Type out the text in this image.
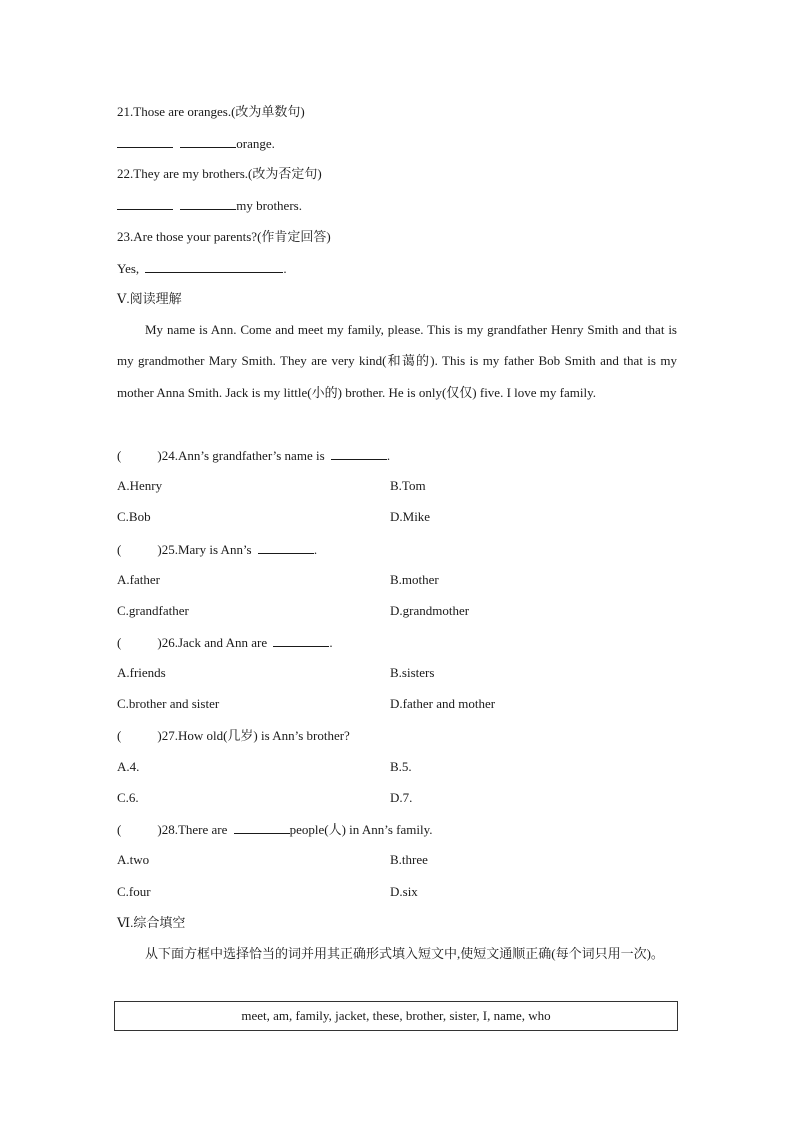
21.Those are oranges.(改为单数句)
orange.
22.They are my brothers.(改为否定句)
my brothers.
23.Are those your parents?(作肯定回答)
Yes,	.
Ⅴ.阅读理解
My name is Ann. Come and meet my family, please. This is my grandfather Henry Smith and that is my grandmother Mary Smith. They are very kind(和蔼的). This is my father Bob Smith and that is my mother Anna Smith. Jack is my little(小的) brother. He is only(仅仅) five. I love my family.
(	)24.Ann’s grandfather’s name is	.
A.Henry	B.Tom
C.Bob	D.Mike
(	)25.Mary is Ann’s	.
A.father	B.mother
C.grandfather	D.grandmother
(	)26.Jack and Ann are	.
A.friends	B.sisters
C.brother and sister	D.father and mother
(	)27.How old(几岁) is Ann’s brother?
A.4.	B.5.
C.6.	D.7.
(	)28.There are	people(人) in Ann’s family.
A.two	B.three
C.four	D.six
Ⅵ.综合填空
从下面方框中选择恰当的词并用其正确形式填入短文中,使短文通顺正确(每个词只用一次)。
meet, am, family, jacket, these, brother, sister, I, name, who
